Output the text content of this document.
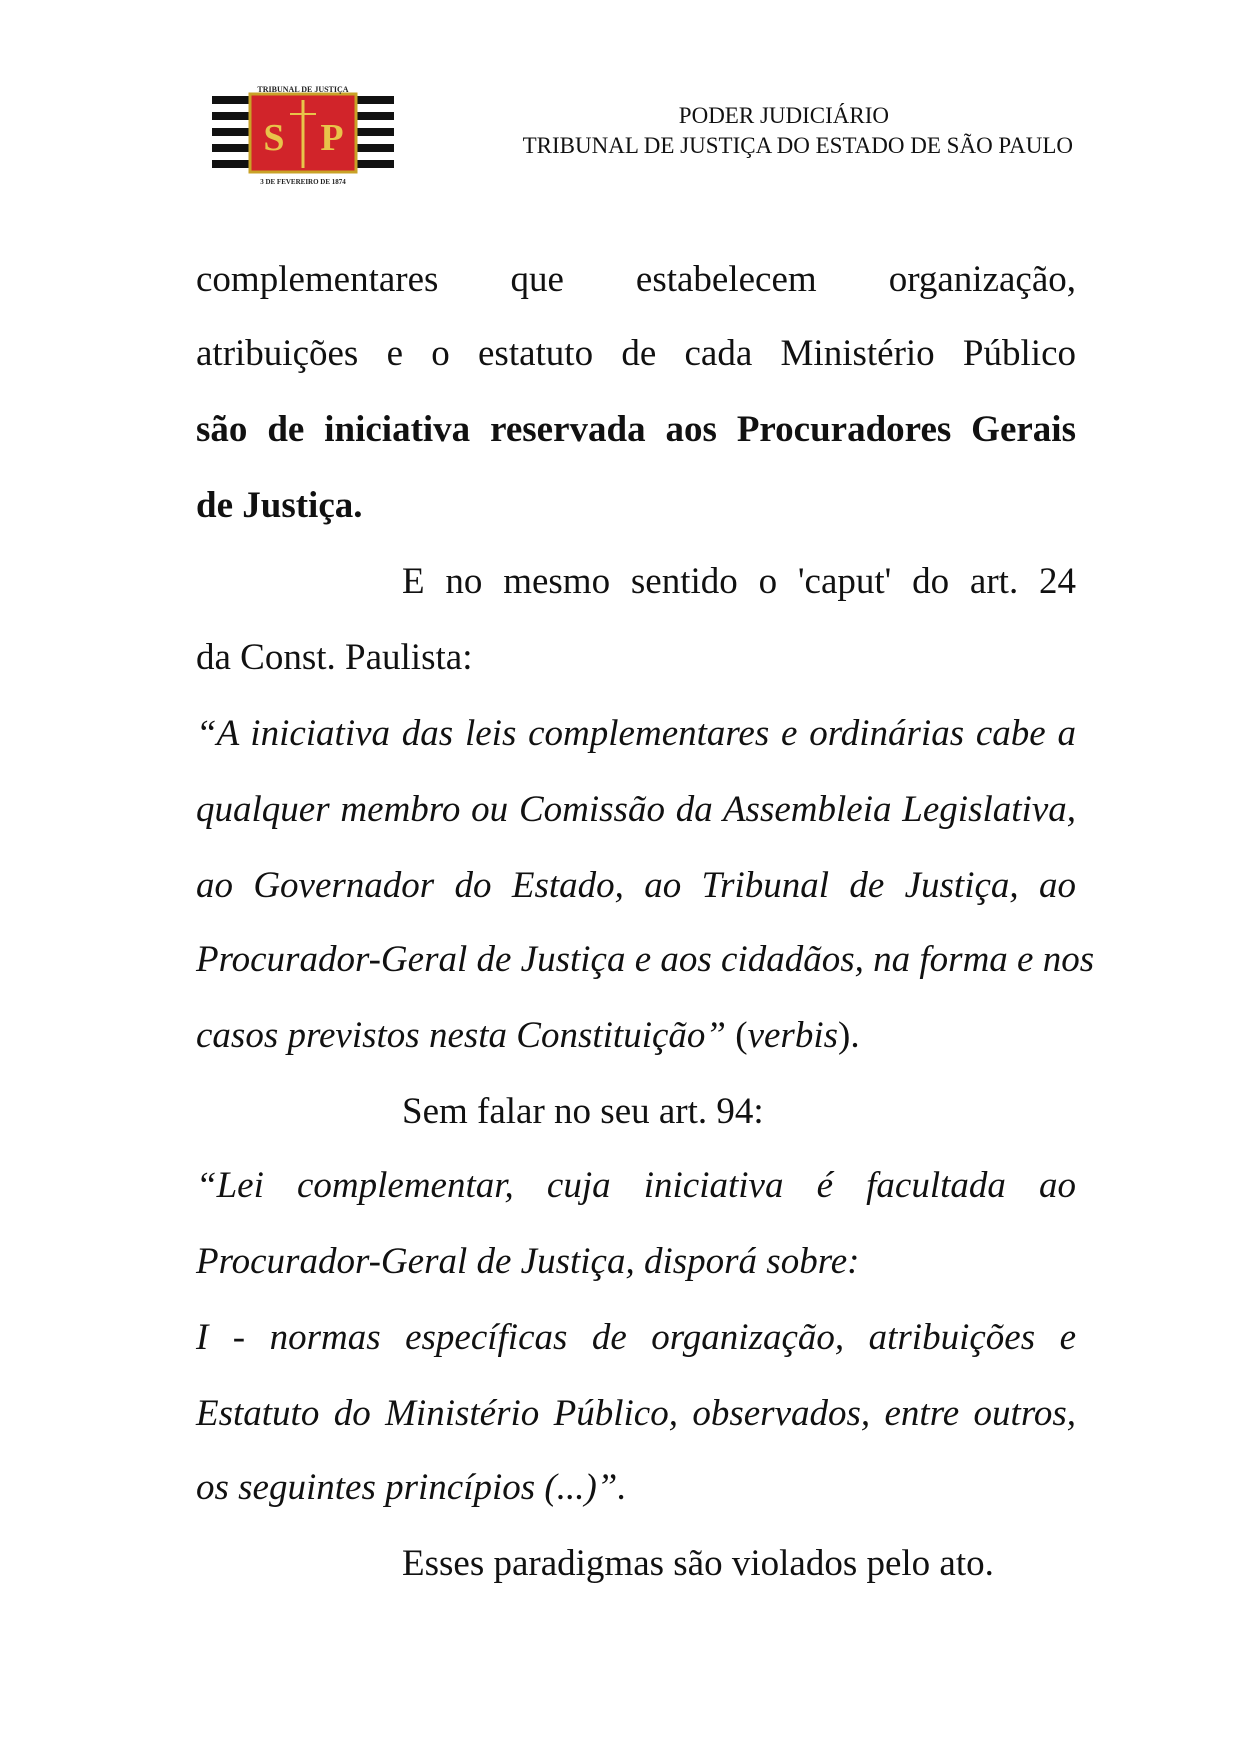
TRIBUNAL DE JUSTIÇA
S P
3 DE FEVEREIRO DE 1874
PODER JUDICIÁRIO
TRIBUNAL DE JUSTIÇA DO ESTADO DE SÃO PAULO
complementares que estabelecem organização,
atribuições e o estatuto de cada Ministério Público
são de iniciativa reservada aos Procuradores Gerais
de Justiça.
E no mesmo sentido o 'caput' do art. 24
da Const. Paulista:
“A iniciativa das leis complementares e ordinárias cabe a
qualquer membro ou Comissão da Assembleia Legislativa,
ao Governador do Estado, ao Tribunal de Justiça, ao
Procurador-Geral de Justiça e aos cidadãos, na forma e nos
casos previstos nesta Constituição” (verbis).
Sem falar no seu art. 94:
“Lei complementar, cuja iniciativa é facultada ao
Procurador-Geral de Justiça, disporá sobre:
I - normas específicas de organização, atribuições e
Estatuto do Ministério Público, observados, entre outros,
os seguintes princípios (...)”.
Esses paradigmas são violados pelo ato.
